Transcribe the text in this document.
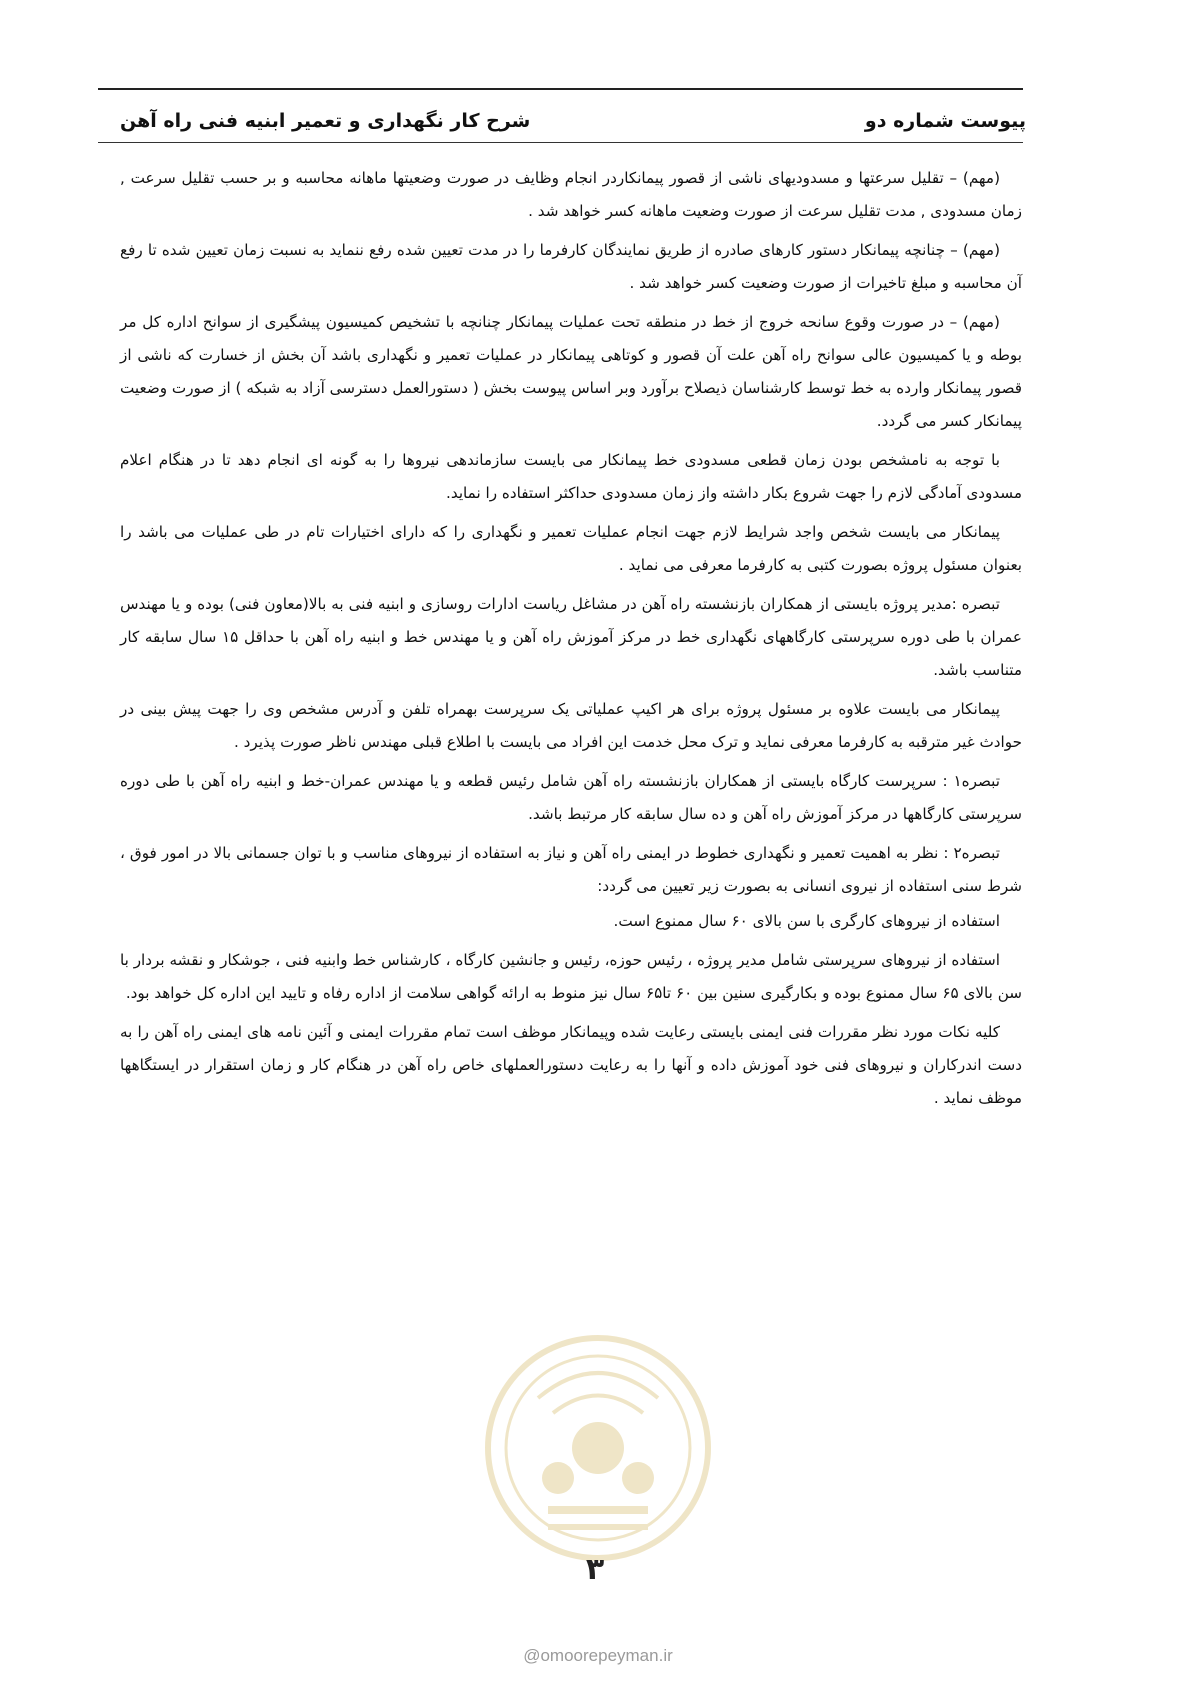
پیوست شماره دو
شرح کار نگهداری و تعمیر ابنیه فنی راه آهن

(مهم) – تقلیل سرعتها و مسدودیهای ناشی از قصور پیمانکاردر انجام وظایف در صورت وضعیتها ماهانه محاسبه و بر حسب تقلیل سرعت , زمان مسدودی , مدت تقلیل سرعت از صورت وضعیت ماهانه کسر خواهد شد .

(مهم) – چنانچه پیمانکار دستور کارهای صادره از طریق نمایندگان کارفرما را در مدت تعیین شده رفع ننماید به نسبت زمان تعیین شده تا رفع آن محاسبه و مبلغ تاخیرات از صورت وضعیت کسر خواهد شد .

(مهم) – در صورت وقوع سانحه خروج از خط در منطقه تحت عملیات پیمانکار چنانچه با تشخیص کمیسیون پیشگیری از سوانح اداره کل مر بوطه و یا کمیسیون عالی سوانح راه آهن علت آن قصور و کوتاهی پیمانکار در عملیات تعمیر و نگهداری باشد آن بخش از خسارت که ناشی از قصور پیمانکار وارده به خط توسط کارشناسان ذیصلاح برآورد وبر اساس پیوست بخش ( دستورالعمل دسترسی آزاد به شبکه ) از صورت وضعیت پیمانکار کسر می گردد.

با توجه به نامشخص بودن زمان قطعی مسدودی خط پیمانکار می بایست سازماندهی نیروها را به گونه ای انجام دهد تا در هنگام اعلام مسدودی آمادگی لازم را جهت شروع بکار داشته واز زمان مسدودی حداکثر استفاده را نماید.

پیمانکار می بایست شخص واجد شرایط لازم جهت انجام عملیات تعمیر و نگهداری را که دارای اختیارات تام در طی عملیات می باشد را بعنوان مسئول پروژه بصورت کتبی به کارفرما معرفی می نماید .

تبصره :مدیر پروژه بایستی از همکاران بازنشسته راه آهن در مشاغل ریاست ادارات روسازی و ابنیه فنی به بالا(معاون فنی) بوده و یا مهندس عمران با طی دوره سرپرستی کارگاههای نگهداری خط در مرکز آموزش راه آهن و یا مهندس خط و ابنیه راه آهن با حداقل ۱۵ سال سابقه کار متناسب باشد.

پیمانکار می بایست علاوه بر مسئول پروژه برای هر اکیپ عملیاتی یک سرپرست بهمراه تلفن و آدرس مشخص وی را جهت پیش بینی در حوادث غیر مترقبه به کارفرما معرفی نماید و ترک محل خدمت این افراد می بایست با اطلاع قبلی مهندس ناظر صورت پذیرد .

تبصره۱ : سرپرست کارگاه بایستی از همکاران بازنشسته راه آهن شامل رئیس قطعه و یا مهندس عمران-خط و ابنیه راه آهن با طی دوره سرپرستی کارگاهها در مرکز آموزش راه آهن و ده سال سابقه کار مرتبط باشد.

تبصره۲ : نظر به اهمیت تعمیر و نگهداری خطوط در ایمنی راه آهن و نیاز به استفاده از نیروهای مناسب و با توان جسمانی بالا در امور فوق ، شرط سنی استفاده از نیروی انسانی به بصورت زیر تعیین می گردد:

استفاده از نیروهای کارگری با سن بالای ۶۰ سال ممنوع است.

استفاده از نیروهای سرپرستی شامل مدیر پروژه ، رئیس حوزه، رئیس و جانشین کارگاه ، کارشناس خط وابنیه فنی ، جوشکار و نقشه بردار با سن بالای ۶۵ سال ممنوع بوده و بکارگیری سنین بین ۶۰ تا۶۵ سال نیز منوط به ارائه گواهی سلامت از اداره رفاه و تایید این اداره کل خواهد بود.

کلیه نکات مورد نظر مقررات فنی ایمنی بایستی رعایت شده وپیمانکار موظف است تمام مقررات ایمنی و آئین نامه های ایمنی راه آهن را به دست اندرکاران و نیروهای فنی خود آموزش داده و آنها را به رعایت دستورالعملهای خاص راه آهن در هنگام کار و زمان استقرار در ایستگاهها موظف نماید .

۳
@omoorepeyman.ir
